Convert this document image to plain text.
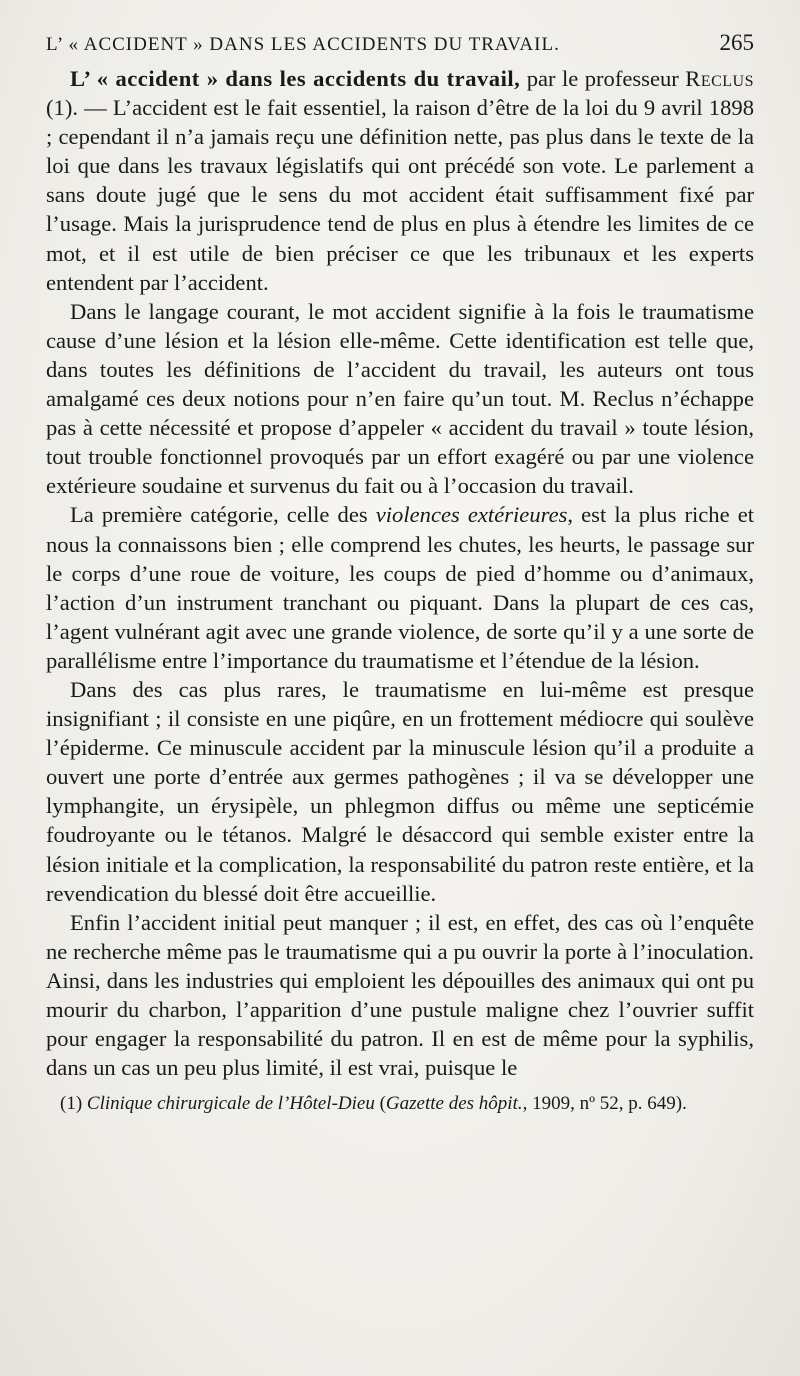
L’ « ACCIDENT » DANS LES ACCIDENTS DU TRAVAIL.	265

L’ « accident » dans les accidents du travail, par le professeur Reclus (1). — L’accident est le fait essentiel, la raison d’être de la loi du 9 avril 1898 ; cependant il n’a jamais reçu une définition nette, pas plus dans le texte de la loi que dans les travaux législatifs qui ont précédé son vote. Le parlement a sans doute jugé que le sens du mot accident était suffisamment fixé par l’usage. Mais la jurisprudence tend de plus en plus à étendre les limites de ce mot, et il est utile de bien préciser ce que les tribunaux et les experts entendent par l’accident.

Dans le langage courant, le mot accident signifie à la fois le traumatisme cause d’une lésion et la lésion elle-même. Cette identification est telle que, dans toutes les définitions de l’accident du travail, les auteurs ont tous amalgamé ces deux notions pour n’en faire qu’un tout. M. Reclus n’échappe pas à cette nécessité et propose d’appeler « accident du travail » toute lésion, tout trouble fonctionnel provoqués par un effort exagéré ou par une violence extérieure soudaine et survenus du fait ou à l’occasion du travail.

La première catégorie, celle des violences extérieures, est la plus riche et nous la connaissons bien ; elle comprend les chutes, les heurts, le passage sur le corps d’une roue de voiture, les coups de pied d’homme ou d’animaux, l’action d’un instrument tranchant ou piquant. Dans la plupart de ces cas, l’agent vulnérant agit avec une grande violence, de sorte qu’il y a une sorte de parallélisme entre l’importance du traumatisme et l’étendue de la lésion.

Dans des cas plus rares, le traumatisme en lui-même est presque insignifiant ; il consiste en une piqûre, en un frottement médiocre qui soulève l’épiderme. Ce minuscule accident par la minuscule lésion qu’il a produite a ouvert une porte d’entrée aux germes pathogènes ; il va se développer une lymphangite, un érysipèle, un phlegmon diffus ou même une septicémie foudroyante ou le tétanos. Malgré le désaccord qui semble exister entre la lésion initiale et la complication, la responsabilité du patron reste entière, et la revendication du blessé doit être accueillie.

Enfin l’accident initial peut manquer ; il est, en effet, des cas où l’enquête ne recherche même pas le traumatisme qui a pu ouvrir la porte à l’inoculation. Ainsi, dans les industries qui emploient les dépouilles des animaux qui ont pu mourir du charbon, l’apparition d’une pustule maligne chez l’ouvrier suffit pour engager la responsabilité du patron. Il en est de même pour la syphilis, dans un cas un peu plus limité, il est vrai, puisque le

(1) Clinique chirurgicale de l’Hôtel-Dieu (Gazette des hôpit., 1909, nº 52, p. 649).
